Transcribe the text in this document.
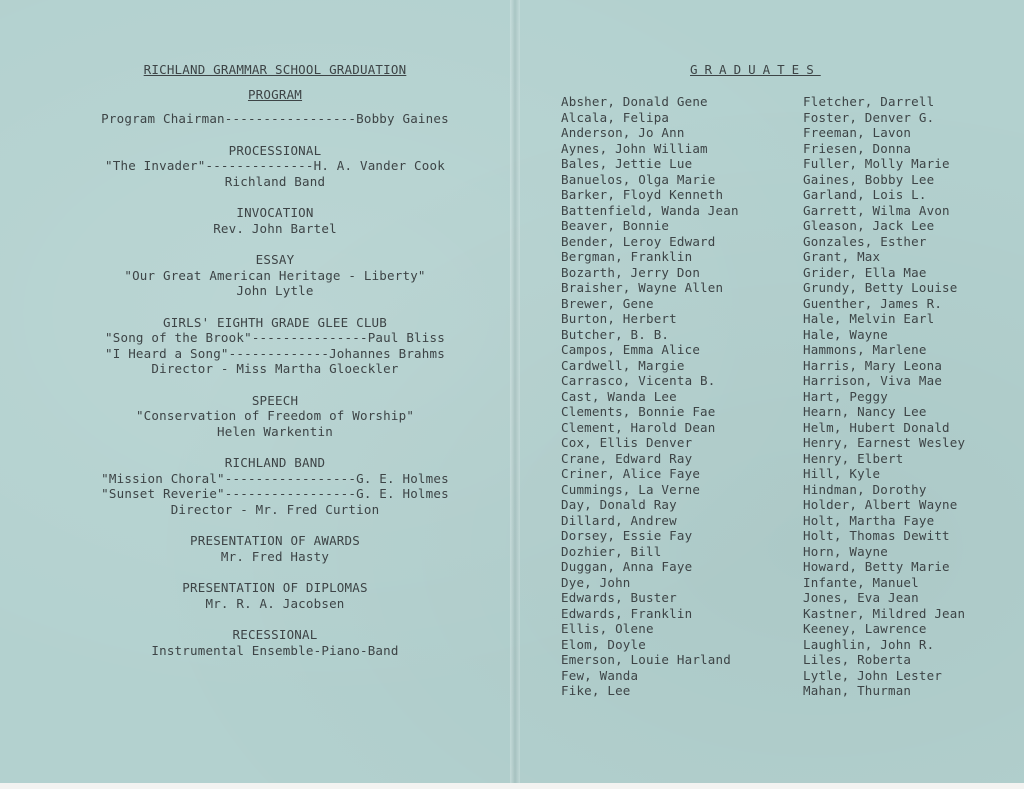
RICHLAND GRAMMAR SCHOOL GRADUATION
PROGRAM
Program Chairman-----------------Bobby Gaines
PROCESSIONAL
"The Invader"--------------H. A. Vander Cook
Richland Band
INVOCATION
Rev. John Bartel
ESSAY
"Our Great American Heritage - Liberty"
John Lytle
GIRLS' EIGHTH GRADE GLEE CLUB
"Song of the Brook"---------------Paul Bliss
"I Heard a Song"-------------Johannes Brahms
Director - Miss Martha Gloeckler
SPEECH
"Conservation of Freedom of Worship"
Helen Warkentin
RICHLAND BAND
"Mission Choral"-----------------G. E. Holmes
"Sunset Reverie"-----------------G. E. Holmes
Director - Mr. Fred Curtion
PRESENTATION OF AWARDS
Mr. Fred Hasty
PRESENTATION OF DIPLOMAS
Mr. R. A. Jacobsen
RECESSIONAL
Instrumental Ensemble-Piano-Band
GRADUATES
Absher, Donald Gene
Alcala, Felipa
Anderson, Jo Ann
Aynes, John William
Bales, Jettie Lue
Banuelos, Olga Marie
Barker, Floyd Kenneth
Battenfield, Wanda Jean
Beaver, Bonnie
Bender, Leroy Edward
Bergman, Franklin
Bozarth, Jerry Don
Braisher, Wayne Allen
Brewer, Gene
Burton, Herbert
Butcher, B. B.
Campos, Emma Alice
Cardwell, Margie
Carrasco, Vicenta B.
Cast, Wanda Lee
Clements, Bonnie Fae
Clement, Harold Dean
Cox, Ellis Denver
Crane, Edward Ray
Criner, Alice Faye
Cummings, La Verne
Day, Donald Ray
Dillard, Andrew
Dorsey, Essie Fay
Dozhier, Bill
Duggan, Anna Faye
Dye, John
Edwards, Buster
Edwards, Franklin
Ellis, Olene
Elom, Doyle
Emerson, Louie Harland
Few, Wanda
Fike, Lee
Fletcher, Darrell
Foster, Denver G.
Freeman, Lavon
Friesen, Donna
Fuller, Molly Marie
Gaines, Bobby Lee
Garland, Lois L.
Garrett, Wilma Avon
Gleason, Jack Lee
Gonzales, Esther
Grant, Max
Grider, Ella Mae
Grundy, Betty Louise
Guenther, James R.
Hale, Melvin Earl
Hale, Wayne
Hammons, Marlene
Harris, Mary Leona
Harrison, Viva Mae
Hart, Peggy
Hearn, Nancy Lee
Helm, Hubert Donald
Henry, Earnest Wesley
Henry, Elbert
Hill, Kyle
Hindman, Dorothy
Holder, Albert Wayne
Holt, Martha Faye
Holt, Thomas Dewitt
Horn, Wayne
Howard, Betty Marie
Infante, Manuel
Jones, Eva Jean
Kastner, Mildred Jean
Keeney, Lawrence
Laughlin, John R.
Liles, Roberta
Lytle, John Lester
Mahan, Thurman
